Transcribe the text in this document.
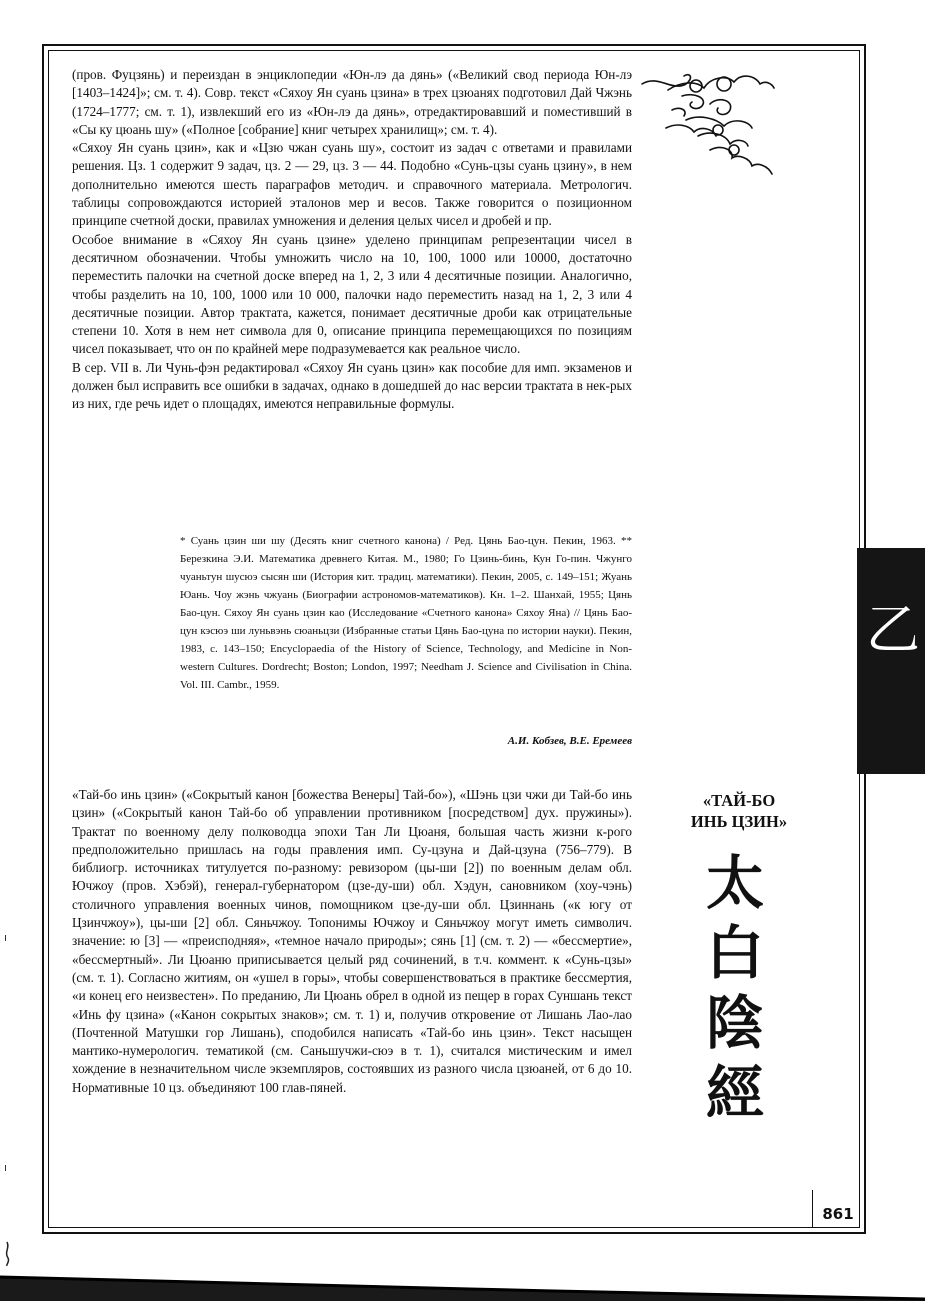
(пров. Фуцзянь) и переиздан в энциклопедии «Юн-лэ да дянь» («Великий свод периода Юн-лэ [1403–1424]»; см. т. 4). Совр. текст «Сяхоу Ян суань цзина» в трех цзюанях подготовил Дай Чжэнь (1724–1777; см. т. 1), извлекший его из «Юн-лэ да дянь», отредактировавший и поместивший в «Сы ку цюань шу» («Полное [собрание] книг четырех хранилищ»; см. т. 4).

«Сяхоу Ян суань цзин», как и «Цзю чжан суань шу», состоит из задач с ответами и правилами решения. Цз. 1 содержит 9 задач, цз. 2 — 29, цз. 3 — 44. Подобно «Сунь-цзы суань цзину», в нем дополнительно имеются шесть параграфов методич. и справочного материала. Метрологич. таблицы сопровождаются историей эталонов мер и весов. Также говорится о позиционном принципе счетной доски, правилах умножения и деления целых чисел и дробей и пр.

Особое внимание в «Сяхоу Ян суань цзине» уделено принципам репрезентации чисел в десятичном обозначении. Чтобы умножить число на 10, 100, 1000 или 10000, достаточно переместить палочки на счетной доске вперед на 1, 2, 3 или 4 десятичные позиции. Аналогично, чтобы разделить на 10, 100, 1000 или 10 000, палочки надо переместить назад на 1, 2, 3 или 4 десятичные позиции. Автор трактата, кажется, понимает десятичные дроби как отрицательные степени 10. Хотя в нем нет символа для 0, описание принципа перемещающихся по позициям чисел показывает, что он по крайней мере подразумевается как реальное число.

В сер. VII в. Ли Чунь-фэн редактировал «Сяхоу Ян суань цзин» как пособие для имп. экзаменов и должен был исправить все ошибки в задачах, однако в дошедшей до нас версии трактата в нек-рых из них, где речь идет о площадях, имеются неправильные формулы.

* Суань цзин ши шу (Десять книг счетного канона) / Ред. Цянь Бао-цун. Пекин, 1963. ** Березкина Э.И. Математика древнего Китая. М., 1980; Го Цзинь-бинь, Кун Го-пин. Чжунго чуаньтун шусюэ сысян ши (История кит. традиц. математики). Пекин, 2005, с. 149–151; Жуань Юань. Чоу жэнь чжуань (Биографии астрономов-математиков). Кн. 1–2. Шанхай, 1955; Цянь Бао-цун. Сяхоу Ян суань цзин као (Исследование «Счетного канона» Сяхоу Яна) // Цянь Бао-цун кэсюэ ши луньвэнь сюаньцзи (Избранные статьи Цянь Бао-цуна по истории науки). Пекин, 1983, с. 143–150; Encyclopaedia of the History of Science, Technology, and Medicine in Non-western Cultures. Dordrecht; Boston; London, 1997; Needham J. Science and Civilisation in China. Vol. III. Cambr., 1959.
А.И. Кобзев, В.Е. Еремеев
«ТАЙ-БО
ИНЬ ЦЗИН»
太
白
陰
經

«Тай-бо инь цзин» («Сокрытый канон [божества Венеры] Тай-бо»), «Шэнь цзи чжи ди Тай-бо инь цзин» («Сокрытый канон Тай-бо об управлении противником [посредством] дух. пружины»). Трактат по военному делу полководца эпохи Тан Ли Цюаня, большая часть жизни к-рого предположительно пришлась на годы правления имп. Су-цзуна и Дай-цзуна (756–779). В библиогр. источниках титулуется по-разному: ревизором (цы-ши [2]) по военным делам обл. Ючжоу (пров. Хэбэй), генерал-губернатором (цзе-ду-ши) обл. Хэдун, сановником (хоу-чэнь) столичного управления военных чинов, помощником цзе-ду-ши обл. Цзиннань («к югу от Цзинчжоу»), цы-ши [2] обл. Сяньчжоу. Топонимы Ючжоу и Сяньчжоу могут иметь символич. значение: ю [3] — «преисподняя», «темное начало природы»; сянь [1] (см. т. 2) — «бессмертие», «бессмертный». Ли Цюаню приписывается целый ряд сочинений, в т.ч. коммент. к «Сунь-цзы» (см. т. 1). Согласно житиям, он «ушел в горы», чтобы совершенствоваться в практике бессмертия, «и конец его неизвестен». По преданию, Ли Цюань обрел в одной из пещер в горах Суншань текст «Инь фу цзина» («Канон сокрытых знаков»; см. т. 1) и, получив откровение от Лишань Лао-лао (Почтенной Матушки гор Лишань), сподобился написать «Тай-бо инь цзин». Текст насыщен мантико-нумерологич. тематикой (см. Саньшучжи-сюэ в т. 1), считался мистическим и имел хождение в незначительном числе экземпляров, состоявших из разного числа цзюаней, от 6 до 10. Нормативные 10 цз. объединяют 100 глав-пяней.

乙
861
